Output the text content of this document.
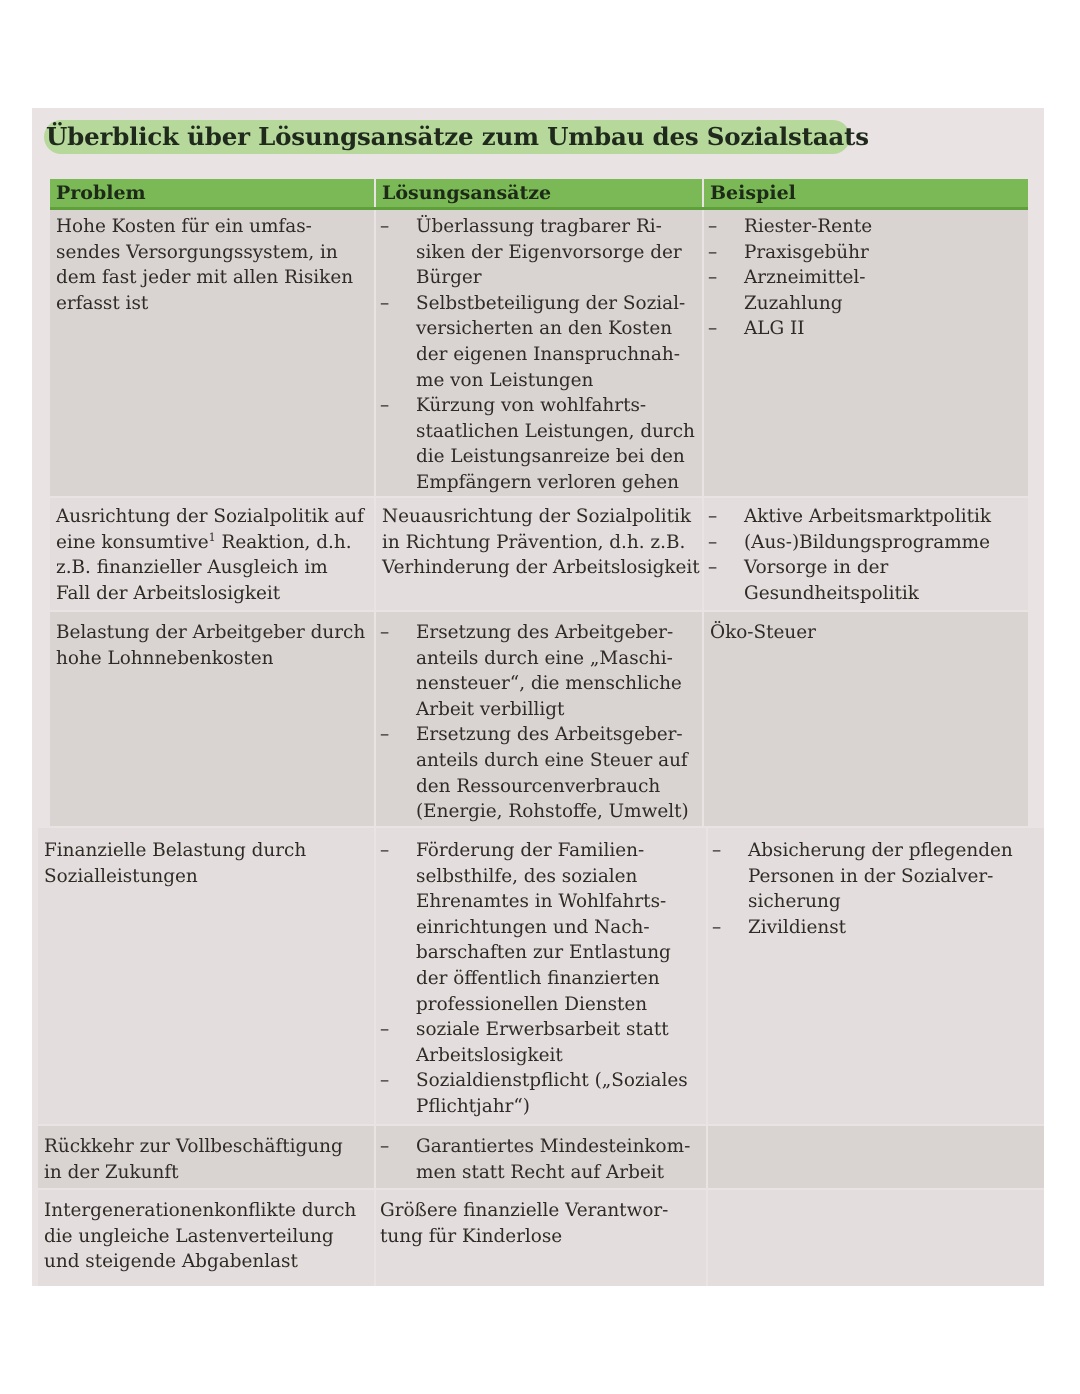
Überblick über Lösungsansätze zum Umbau des Sozialstaats
Problem	Lösungsansätze	Beispiel
Hohe Kosten für ein umfas-
sendes Versorgungssystem, in
dem fast jeder mit allen Risiken
erfasst ist
– Überlassung tragbarer Ri-
siken der Eigenvorsorge der
Bürger
– Selbstbeteiligung der Sozial-
versicherten an den Kosten
der eigenen Inanspruchnah-
me von Leistungen
– Kürzung von wohlfahrts-
staatlichen Leistungen, durch
die Leistungsanreize bei den
Empfängern verloren gehen
– Riester-Rente
– Praxisgebühr
– Arzneimittel-
Zuzahlung
– ALG II
Ausrichtung der Sozialpolitik auf
eine konsumtive$^1$ Reaktion, d.h.
z.B. finanzieller Ausgleich im
Fall der Arbeitslosigkeit
Neuausrichtung der Sozialpolitik
in Richtung Prävention, d.h. z.B.
Verhinderung der Arbeitslosigkeit
– Aktive Arbeitsmarktpolitik
– (Aus-)Bildungsprogramme
– Vorsorge in der
Gesundheitspolitik
Belastung der Arbeitgeber durch
hohe Lohnnebenkosten
– Ersetzung des Arbeitgeber-
anteils durch eine „Maschi-
nensteuer“, die menschliche
Arbeit verbilligt
– Ersetzung des Arbeitsgeber-
anteils durch eine Steuer auf
den Ressourcenverbrauch
(Energie, Rohstoffe, Umwelt)
Öko-Steuer
Finanzielle Belastung durch
Sozialleistungen
– Förderung der Familien-
selbsthilfe, des sozialen
Ehrenamtes in Wohlfahrts-
einrichtungen und Nach-
barschaften zur Entlastung
der öffentlich finanzierten
professionellen Diensten
– soziale Erwerbsarbeit statt
Arbeitslosigkeit
– Sozialdienstpflicht („Soziales
Pflichtjahr“)
– Absicherung der pflegenden
Personen in der Sozialver-
sicherung
– Zivildienst
Rückkehr zur Vollbeschäftigung
in der Zukunft
– Garantiertes Mindesteinkom-
men statt Recht auf Arbeit
Intergenerationenkonflikte durch
die ungleiche Lastenverteilung
und steigende Abgabenlast
Größere finanzielle Verantwor-
tung für Kinderlose
